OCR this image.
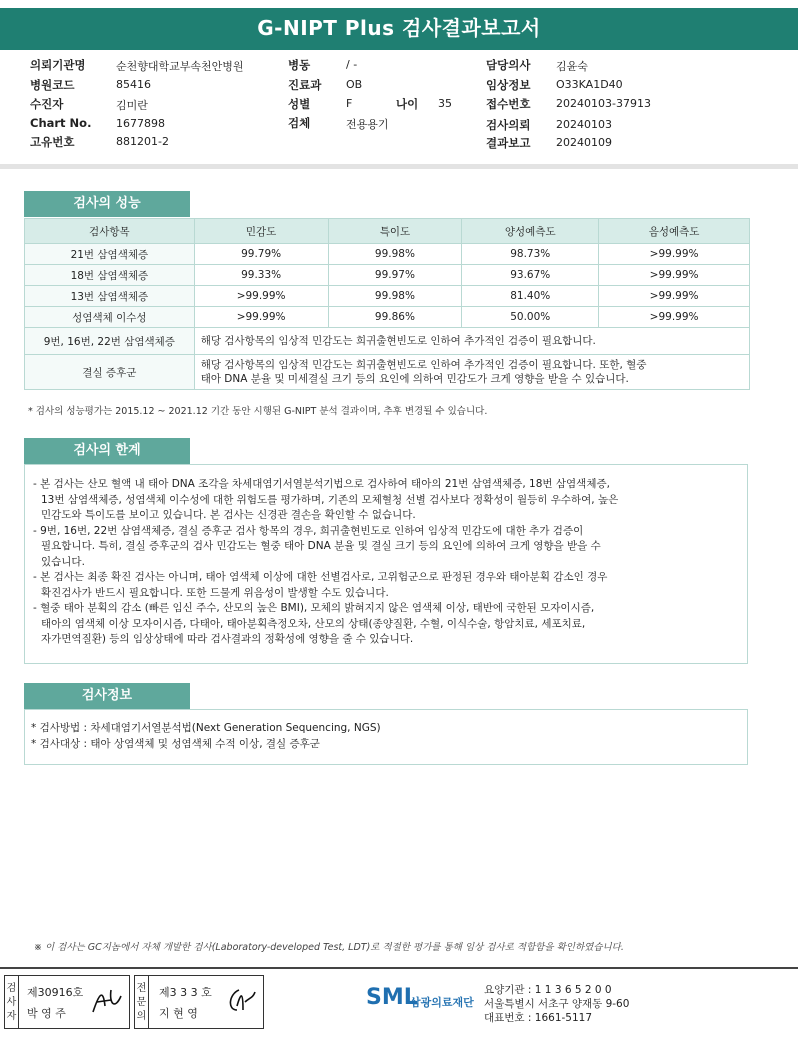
G-NIPT Plus 검사결과보고서
의뢰기관명	순천향대학교부속천안병원
병원코드	85416
수진자	김미란
Chart No. 1677898
고유번호	881201-2
병동	/ -
진료과 OB
성별	F	나이 35
검체	전용용기
담당의사 김윤숙
임상정보 O33KA1D40
접수번호 20240103-37913
검사의뢰 20240103
결과보고 20240109
검사의 성능
검사항목	민감도	특이도	양성예측도	음성예측도
21번 삼염색체증	99.79%	99.98%	98.73%	>99.99%
18번 삼염색체증	99.33%	99.97%	93.67%	>99.99%
13번 삼염색체증	>99.99%	99.98%	81.40%	>99.99%
성염색체 이수성	>99.99%	99.86%	50.00%	>99.99%
9번, 16번, 22번 삼염색체증	해당 검사항목의 임상적 민감도는 희귀출현빈도로 인하여 추가적인 검증이 필요합니다.			
결실 증후군	해당 검사항목의 임상적 민감도는 희귀출현빈도로 인하여 추가적인 검증이 필요합니다. 또한, 혈중
태아 DNA 분율 및 미세결실 크기 등의 요인에 의하여 민감도가 크게 영향을 받을 수 있습니다.			
* 검사의 성능평가는 2015.12 ~ 2021.12 기간 동안 시행된 G-NIPT 분석 결과이며, 추후 변경될 수 있습니다.
검사의 한계
- 본 검사는 산모 혈액 내 태아 DNA 조각을 차세대염기서열분석기법으로 검사하여 태아의 21번 삼염색체증, 18번 삼염색체증,
13번 삼염색체증, 성염색체 이수성에 대한 위험도를 평가하며, 기존의 모체혈청 선별 검사보다 정확성이 월등히 우수하여, 높은
민감도와 특이도를 보이고 있습니다. 본 검사는 신경관 결손을 확인할 수 없습니다.
- 9번, 16번, 22번 삼염색체증, 결실 증후군 검사 항목의 경우, 희귀출현빈도로 인하여 임상적 민감도에 대한 추가 검증이
필요합니다. 특히, 결실 증후군의 검사 민감도는 혈중 태아 DNA 분율 및 결실 크기 등의 요인에 의하여 크게 영향을 받을 수
있습니다.
- 본 검사는 최종 확진 검사는 아니며, 태아 염색체 이상에 대한 선별검사로, 고위험군으로 판정된 경우와 태아분획 감소인 경우
확진검사가 반드시 필요합니다. 또한 드물게 위음성이 발생할 수도 있습니다.
- 혈중 태아 분획의 감소 (빠른 임신 주수, 산모의 높은 BMI), 모체의 밝혀지지 않은 염색체 이상, 태반에 국한된 모자이시즘,
태아의 염색체 이상 모자이시즘, 다태아, 태아분획측정오차, 산모의 상태(종양질환, 수혈, 이식수술, 항암치료, 세포치료,
자가면역질환) 등의 임상상태에 따라 검사결과의 정확성에 영향을 줄 수 있습니다.
검사정보
* 검사방법 : 차세대염기서열분석법(Next Generation Sequencing, NGS)
* 검사대상 : 태아 상염색체 및 성염색체 수적 이상, 결실 증후군
※ 이 검사는 GC지놈에서 자체 개발한 검사(Laboratory-developed Test, LDT)로 적절한 평가를 통해 임상 검사로 적합함을 확인하였습니다.
검사자
제30916호
박 영 주
전문의
제3 3 3 호
지 현 영
SML
삼광의료재단
요양기관 : 1 1 3 6 5 2 0 0
서울특별시 서초구 양재동 9-60
대표번호 : 1661-5117
